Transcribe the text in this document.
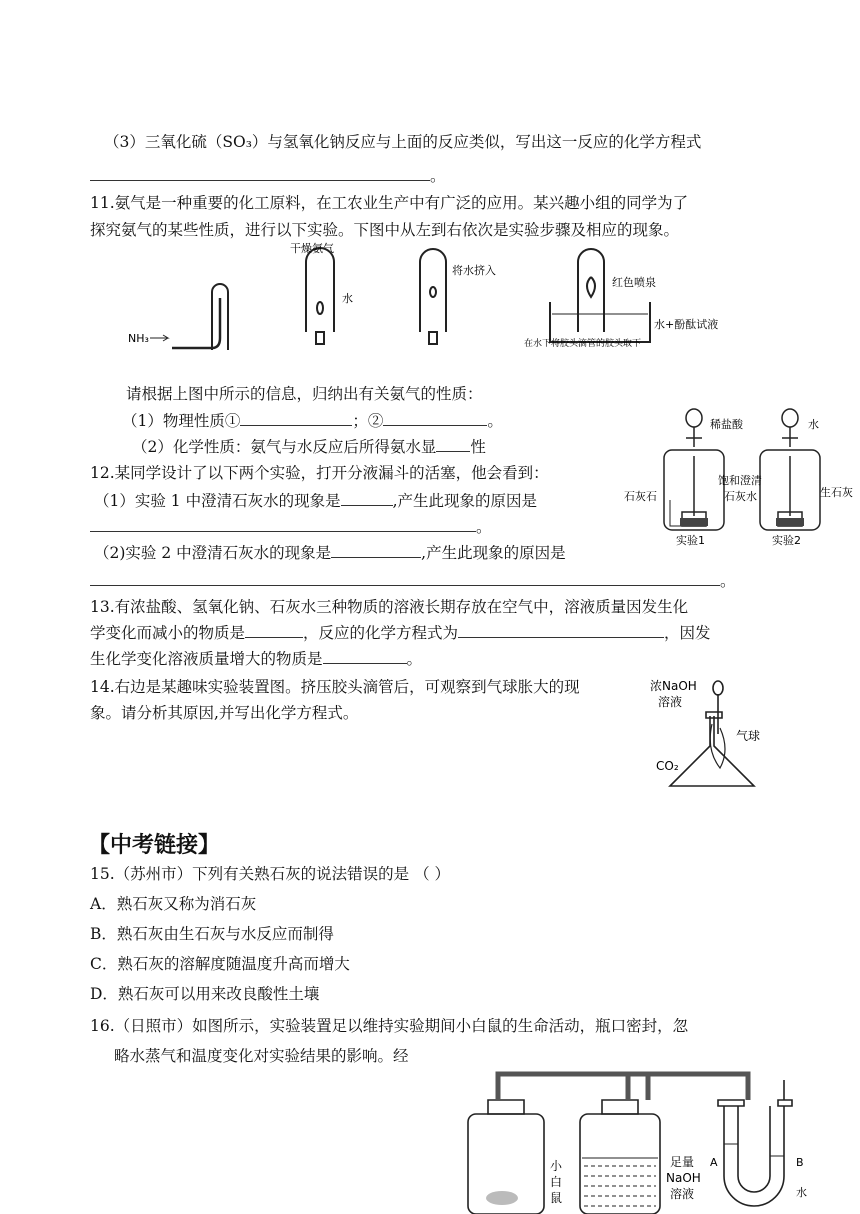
（3）三氧化硫（SO₃）与氢氧化钠反应与上面的反应类似，写出这一反应的化学方程式
。
11.氨气是一种重要的化工原料，在工农业生产中有广泛的应用。某兴趣小组的同学为了
探究氨气的某些性质，进行以下实验。下图中从左到右依次是实验步骤及相应的现象。
NH₃
干燥氨气
水
将水挤入
红色喷泉
水+酚酞试液
在水下将胶头滴管的胶头取下
请根据上图中所示的信息，归纳出有关氨气的性质：
（1）物理性质①	；②	。
（2）化学性质：氨气与水反应后所得氨水显 性
12.某同学设计了以下两个实验，打开分液漏斗的活塞，他会看到：
（1）实验 1 中澄清石灰水的现象是	,产生此现象的原因是
。
（2)实验 2 中澄清石灰水的现象是	,产生此现象的原因是
。
稀盐酸	水
饱和澄清
石灰水
石灰石	生石灰
实验1	实验2
13.有浓盐酸、氢氧化钠、石灰水三种物质的溶液长期存放在空气中，溶液质量因发生化
学变化而减小的物质是	，反应的化学方程式为	，因发
生化学变化溶液质量增大的物质是	。
14.右边是某趣味实验装置图。挤压胶头滴管后，可观察到气球胀大的现
象。请分析其原因,并写出化学方程式。
浓NaOH
溶液
气球
CO₂
【中考链接】
15.（苏州市）下列有关熟石灰的说法错误的是 （ ）
A．熟石灰又称为消石灰
B．熟石灰由生石灰与水反应而制得
C．熟石灰的溶解度随温度升高而增大
D．熟石灰可以用来改良酸性土壤
16.（日照市）如图所示，实验装置足以维持实验期间小白鼠的生命活动，瓶口密封，忽
略水蒸气和温度变化对实验结果的影响。经
小
白
鼠
足量
NaOH
溶液
A	B
水
